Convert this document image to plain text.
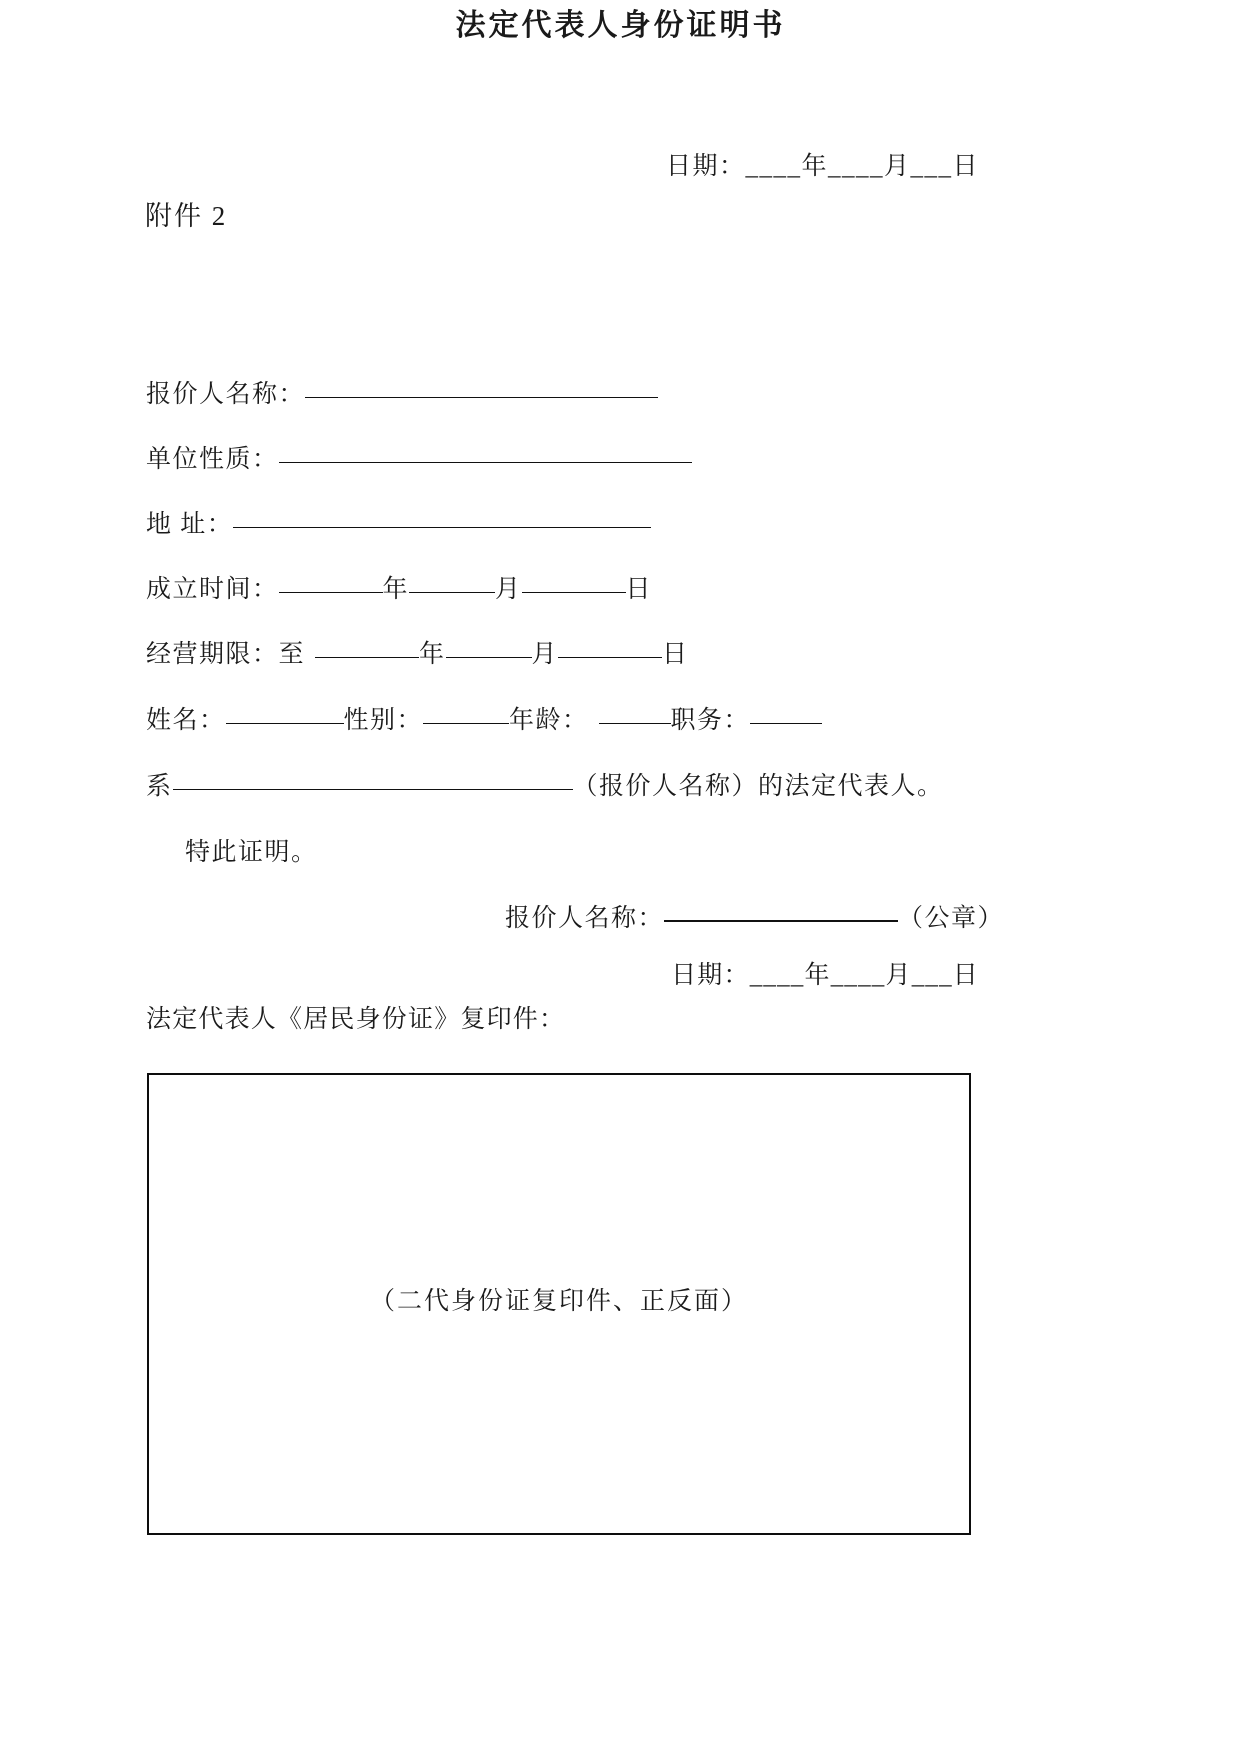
日期：____年____月___日
附件 2
法定代表人身份证明书
报价人名称：
单位性质：
地 址：
成立时间：	年	月	日
经营期限：至	年	月	日
姓名：	性别：	年龄：	职务：
系	（报价人名称）的法定代表人。
特此证明。
报价人名称：	（公章）
日期：____年____月___日
法定代表人《居民身份证》复印件：
（二代身份证复印件、正反面）
